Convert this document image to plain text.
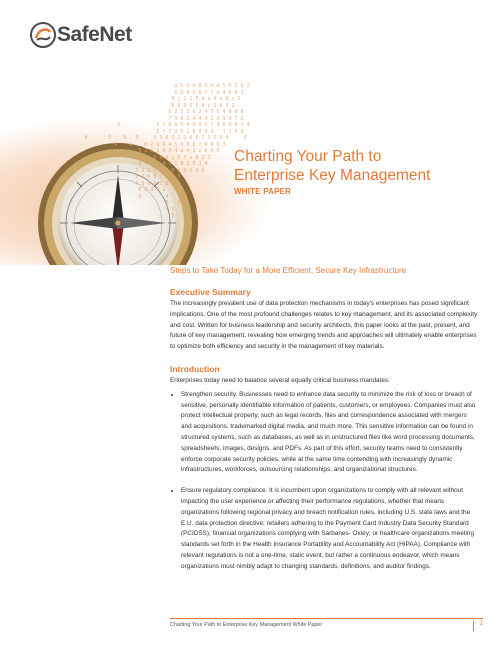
SafeNet
a 5 6 4 8 3 m 4 5 h 3 k 2
1 2 6 k 6 f 7 a 4 k 9 2
9 j 2 2 5 k a 4 a 8 s 2
8 8 9 2 5 4 c 2 k 5 2
5 2 3 2 k 2 4 7 5 4 8 d 8
7 9 0 3 4 4 4 2 9 9 9 7 5
9            3 f 8 a 5 4 9 9 7 7 9 0 0 8 f 4
5 f 7 d 0 1 8 8 0 3   1 1 5 8
4       5    9   3     4 5 8 3 2 2 6 6 7 1 5 5 4     6
9    4    0 2 6 9 4 5 0 3 6 f 6 9 6 3
5 2 5 1 9 3 4 a 4 1 c k 5 9
6 d 8 8 6 j 5 f s 8 2 3
4 3 2 1 d 7 1 8 2 5 1 4
3 3 2 6 8 7 0 3 6 f 9 6
3 4 6 8 7 4 7 5
4 3 9 9 2 8 6
0 6 d 5 a
9        4
8   6
4 5
9
Charting Your Path to
Enterprise Key Management
WHITE PAPER
Steps to Take Today for a More Efficient, Secure Key Infrastructure
Executive Summary

The increasingly prevalent use of data protection mechanisms in today's enterprises has posed significant implications. One of the most profound challenges relates to key management, and its associated complexity and cost. Written for business leadership and security architects, this paper looks at the past, present, and future of key management, revealing how emerging trends and approaches will ultimately enable enterprises to optimize both efficiency and security in the management of key materials.

Introduction

Enterprises today need to balance several equally critical business mandates:

• Strengthen security. Businesses need to enhance data security to minimize the risk of loss or breach of sensitive, personally identifiable information of patients, customers, or employees. Companies must also protect intellectual property, such as legal records, files and correspondence associated with mergers and acquisitions, trademarked digital media, and much more. This sensitive information can be found in structured systems, such as databases, as well as in unstructured files like word processing documents, spreadsheets, images, designs, and PDFs. As part of this effort, security teams need to consistently enforce corporate security policies, while at the same time contending with increasingly dynamic infrastructures, workforces, outsourcing relationships, and organizational structures.
• Ensure regulatory compliance. It is incumbent upon organizations to comply with all relevant without impacting the user experience or affecting their performance regulations, whether that means organizations following regional privacy and breach notification rules, including U.S. state laws and the E.U. data protection directive; retailers adhering to the Payment Card Industry Data Security Standard (PCIDSS); financial organizations complying with Sarbanes- Oxley; or healthcare organizations meeting standards set forth in the Health Insurance Portability and Accountability Act (HIPAA). Compliance with relevant regulations is not a one-time, static event, but rather a continuous endeavor, which means organizations must nimbly adapt to changing standards, definitions, and auditor findings.
Charting Your Path to Enterprise Key Management White Paper	1
